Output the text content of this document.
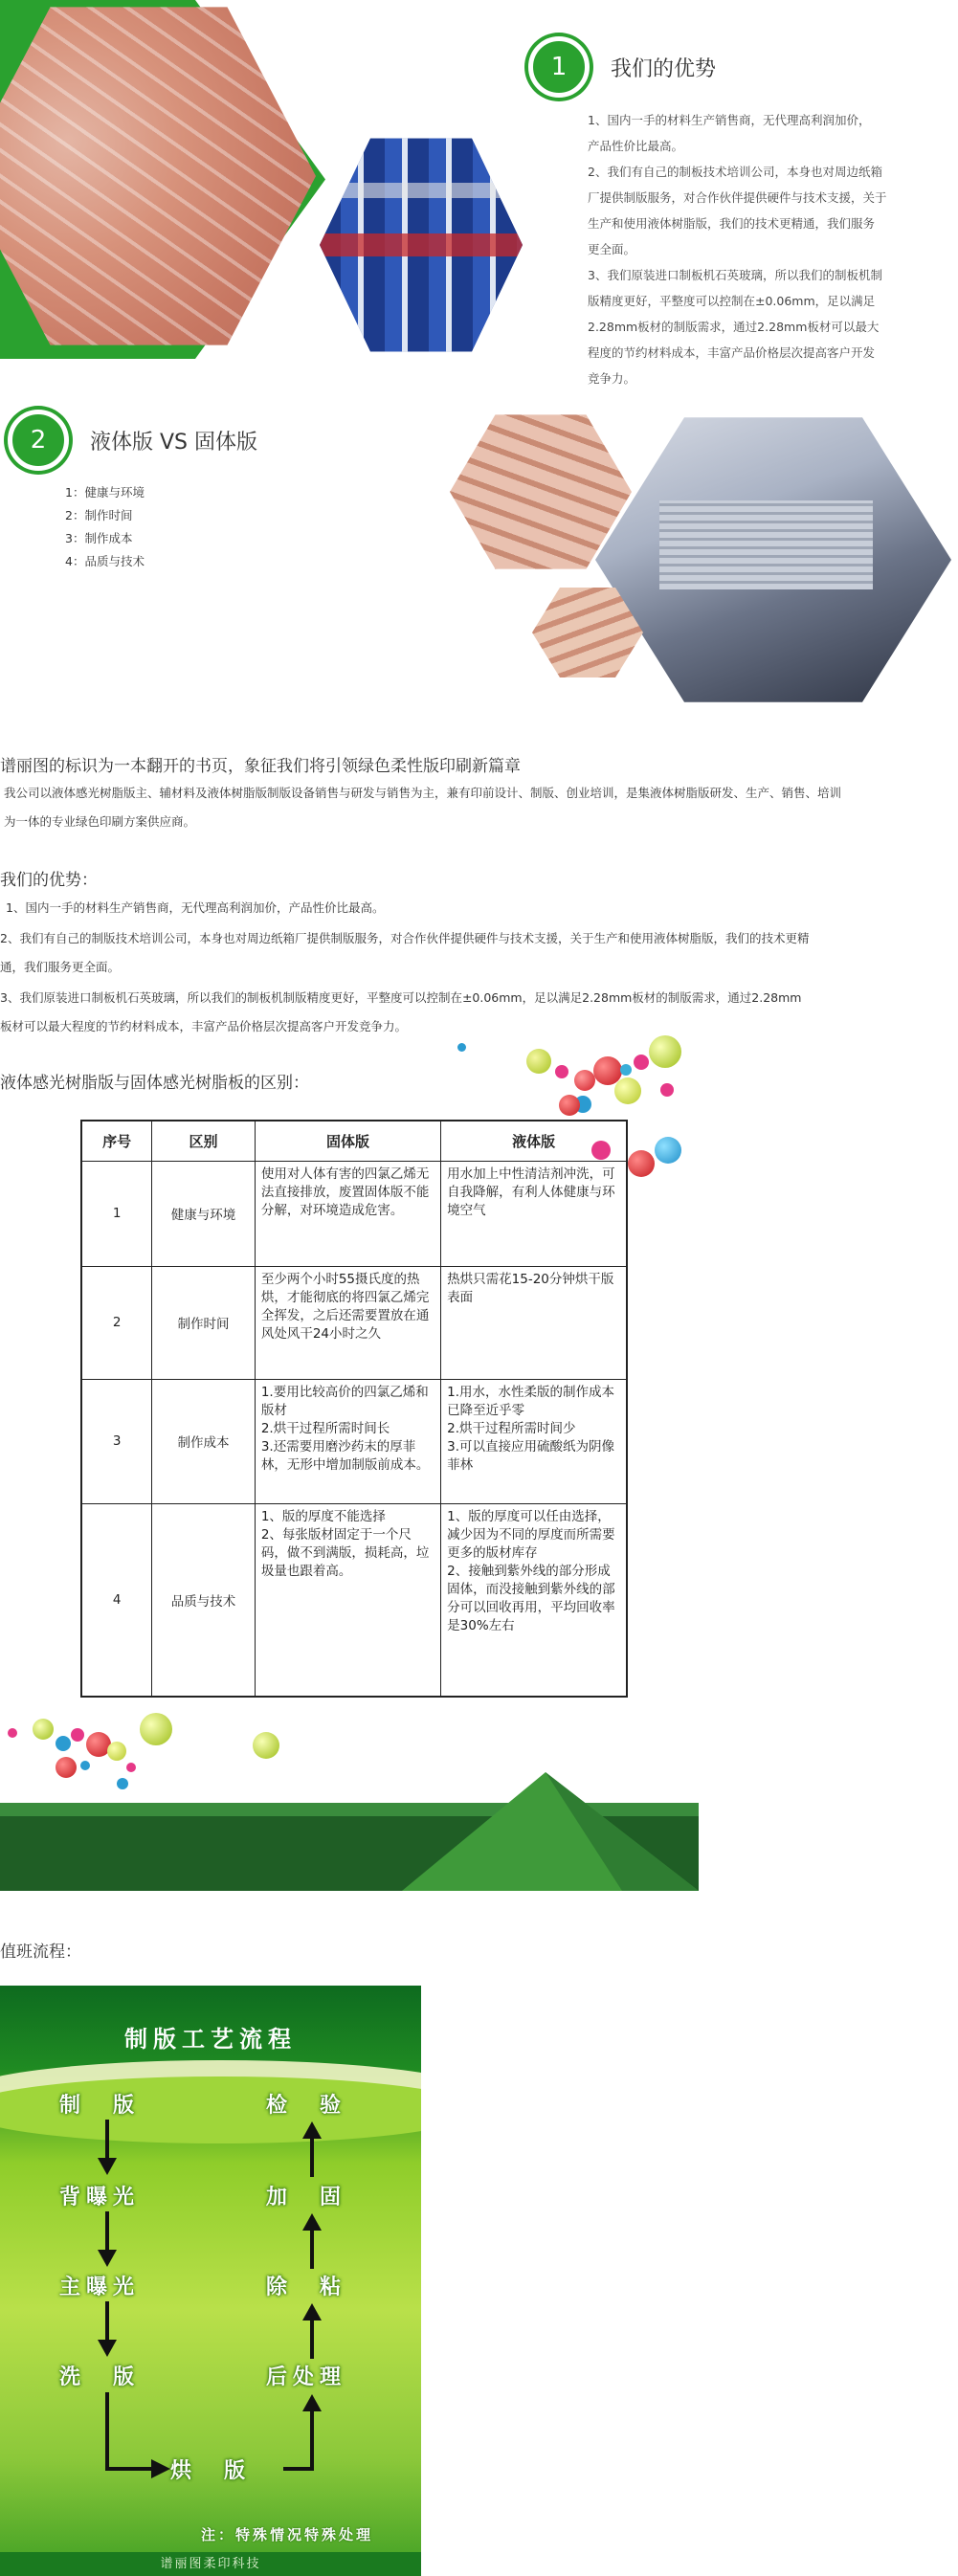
1 我们的优势
1、国内一手的材料生产销售商，无代理高利润加价，
产品性价比最高。
2、我们有自己的制板技术培训公司，本身也对周边纸箱
厂提供制版服务，对合作伙伴提供硬件与技术支援，关于
生产和使用液体树脂版，我们的技术更精通，我们服务
更全面。
3、我们原装进口制板机石英玻璃，所以我们的制板机制
版精度更好，平整度可以控制在±0.06mm，足以满足
2.28mm板材的制版需求，通过2.28mm板材可以最大
程度的节约材料成本，丰富产品价格层次提高客户开发
竞争力。
2 液体版 VS 固体版
1：健康与环境
2：制作时间
3：制作成本
4：品质与技术
谱丽图的标识为一本翻开的书页，象征我们将引领绿色柔性版印刷新篇章
我公司以液体感光树脂版主、辅材料及液体树脂版制版设备销售与研发与销售为主，兼有印前设计、制版、创业培训，是集液体树脂版研发、生产、销售、培训
为一体的专业绿色印刷方案供应商。
我们的优势：
1、国内一手的材料生产销售商，无代理高利润加价，产品性价比最高。
2、我们有自己的制版技术培训公司，本身也对周边纸箱厂提供制版服务，对合作伙伴提供硬件与技术支援，关于生产和使用液体树脂版，我们的技术更精
通，我们服务更全面。
3、我们原装进口制板机石英玻璃，所以我们的制板机制版精度更好，平整度可以控制在±0.06mm，足以满足2.28mm板材的制版需求，通过2.28mm
板材可以最大程度的节约材料成本，丰富产品价格层次提高客户开发竞争力。
液体感光树脂版与固体感光树脂板的区别：
序号	区别	固体版	液体版
1	健康与环境	使用对人体有害的四氯乙烯无法直接排放，废置固体版不能分解，对环境造成危害。	用水加上中性清洁剂冲洗，可自我降解，有利人体健康与环境空气
2	制作时间	至少两个小时55摄氏度的热烘，才能彻底的将四氯乙烯完全挥发，之后还需要置放在通风处风干24小时之久	热烘只需花15-20分钟烘干版表面
3	制作成本	1.要用比较高价的四氯乙烯和版材
2.烘干过程所需时间长
3.还需要用磨沙药末的厚菲林，无形中增加制版前成本。	1.用水，水性柔版的制作成本已降至近乎零
2.烘干过程所需时间少
3.可以直接应用硫酸纸为阴像菲林
4	品质与技术	1、版的厚度不能选择
2、每张版材固定于一个尺码，做不到满版，损耗高，垃圾量也跟着高。	1、版的厚度可以任由选择，减少因为不同的厚度而所需要更多的版材库存
2、接触到紫外线的部分形成固体，而没接触到紫外线的部分可以回收再用，平均回收率是30%左右
值班流程：
制版工艺流程
制　版
背曝光
主曝光
洗　版
检　验
加　固
除　粘
后处理
烘　版
注：特殊情况特殊处理
谱丽图柔印科技
